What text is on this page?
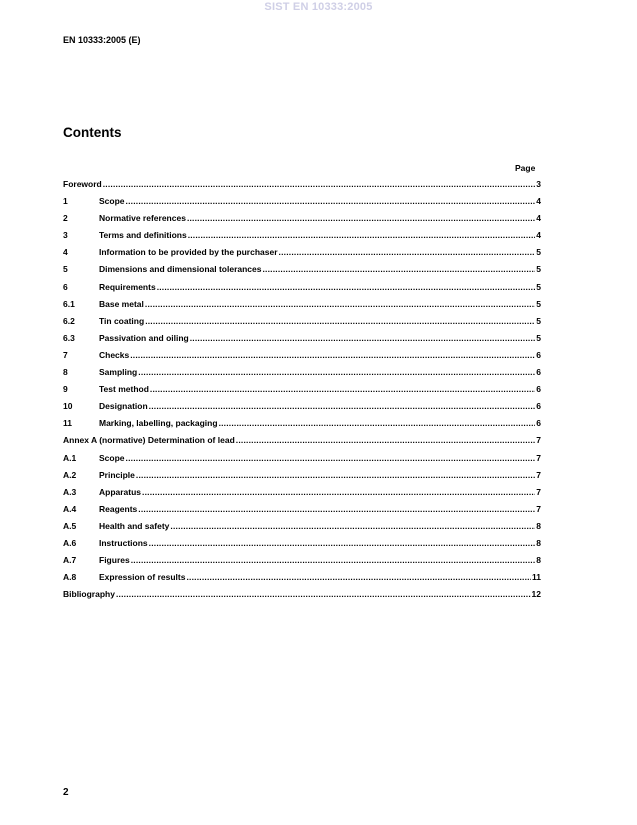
SIST EN 10333:2005
EN 10333:2005 (E)
Contents
Page
Foreword .....	3
1	Scope .....	4
2	Normative references .....	4
3	Terms and definitions .....	4
4	Information to be provided by the purchaser .....	5
5	Dimensions and dimensional tolerances .....	5
6	Requirements .....	5
6.1	Base metal .....	5
6.2	Tin coating .....	5
6.3	Passivation and oiling .....	5
7	Checks .....	6
8	Sampling .....	6
9	Test method .....	6
10	Designation .....	6
11	Marking, labelling, packaging .....	6
Annex A (normative) Determination of lead .....	7
A.1	Scope .....	7
A.2	Principle .....	7
A.3	Apparatus .....	7
A.4	Reagents .....	7
A.5	Health and safety .....	8
A.6	Instructions .....	8
A.7	Figures .....	8
A.8	Expression of results .....	11
Bibliography .....	12
2
